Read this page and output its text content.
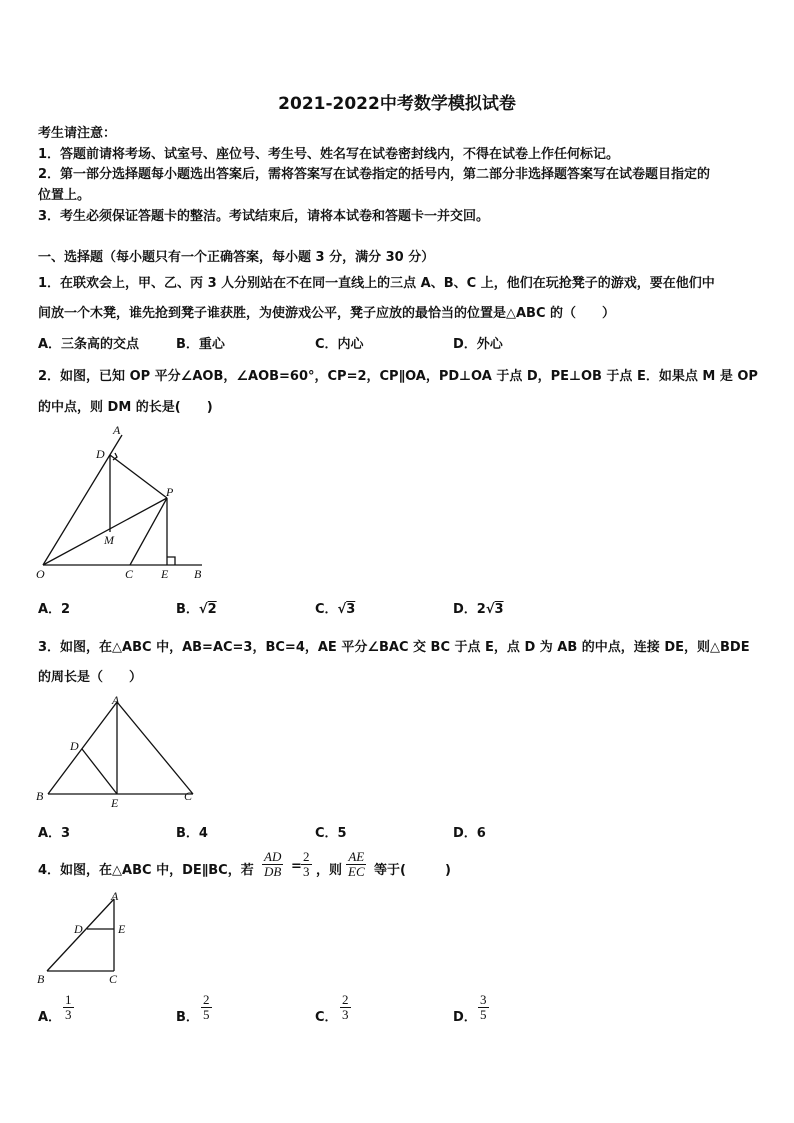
2021-2022中考数学模拟试卷
考生请注意：
1．答题前请将考场、试室号、座位号、考生号、姓名写在试卷密封线内，不得在试卷上作任何标记。
2．第一部分选择题每小题选出答案后，需将答案写在试卷指定的括号内，第二部分非选择题答案写在试卷题目指定的
位置上。
3．考生必须保证答题卡的整洁。考试结束后，请将本试卷和答题卡一并交回。
一、选择题（每小题只有一个正确答案，每小题 3 分，满分 30 分）
1．在联欢会上，甲、乙、丙 3 人分别站在不在同一直线上的三点 A、B、C 上，他们在玩抢凳子的游戏，要在他们中
间放一个木凳，谁先抢到凳子谁获胜，为使游戏公平，凳子应放的最恰当的位置是△ABC 的（　　）
A．三条高的交点	B．重心	C．内心	D．外心
2．如图，已知 OP 平分∠AOB，∠AOB=60°，CP=2，CP∥OA，PD⊥OA 于点 D，PE⊥OB 于点 E．如果点 M 是 OP
的中点，则 DM 的长是(　　)
A
D
P
M
O	C E B
A．2	B．√2	C．√3	D．2√3
3．如图，在△ABC 中，AB=AC=3，BC=4，AE 平分∠BAC 交 BC 于点 E，点 D 为 AB 的中点，连接 DE，则△BDE
的周长是（　　）
A
D
B	E	C
A．3	B．4	C．5	D．6
4．如图，在△ABC 中，DE∥BC，若 $\frac{AD}{DB} = \frac{2}{3}$ ，则 $\frac{AE}{EC}$ 等于(　　　)
A
D	E
B	C
A． $\frac{1}{3}$	B． $\frac{2}{5}$	C． $\frac{2}{3}$	D． $\frac{3}{5}$
